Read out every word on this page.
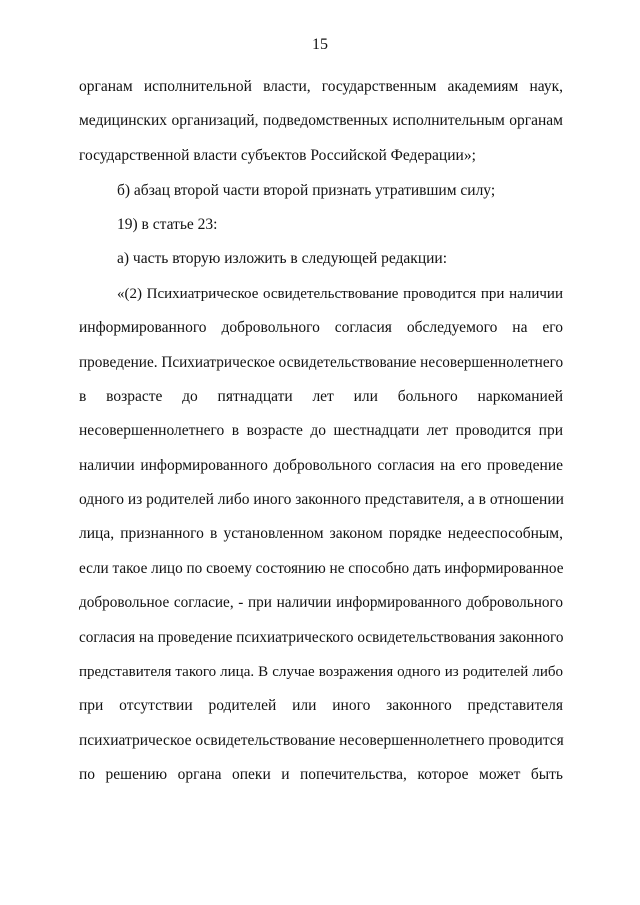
15
органам исполнительной власти, государственным академиям наук,
медицинских организаций, подведомственных исполнительным органам
государственной власти субъектов Российской Федерации»;
б) абзац второй части второй признать утратившим силу;
19) в статье 23:
а) часть вторую изложить в следующей редакции:
«(2) Психиатрическое освидетельствование проводится при наличии
информированного добровольного согласия обследуемого на его
проведение. Психиатрическое освидетельствование несовершеннолетнего
в возрасте до пятнадцати лет или больного наркоманией
несовершеннолетнего в возрасте до шестнадцати лет проводится при
наличии информированного добровольного согласия на его проведение
одного из родителей либо иного законного представителя, а в отношении
лица, признанного в установленном законом порядке недееспособным,
если такое лицо по своему состоянию не способно дать информированное
добровольное согласие, - при наличии информированного добровольного
согласия на проведение психиатрического освидетельствования законного
представителя такого лица. В случае возражения одного из родителей либо
при отсутствии родителей или иного законного представителя
психиатрическое освидетельствование несовершеннолетнего проводится
по решению органа опеки и попечительства, которое может быть
